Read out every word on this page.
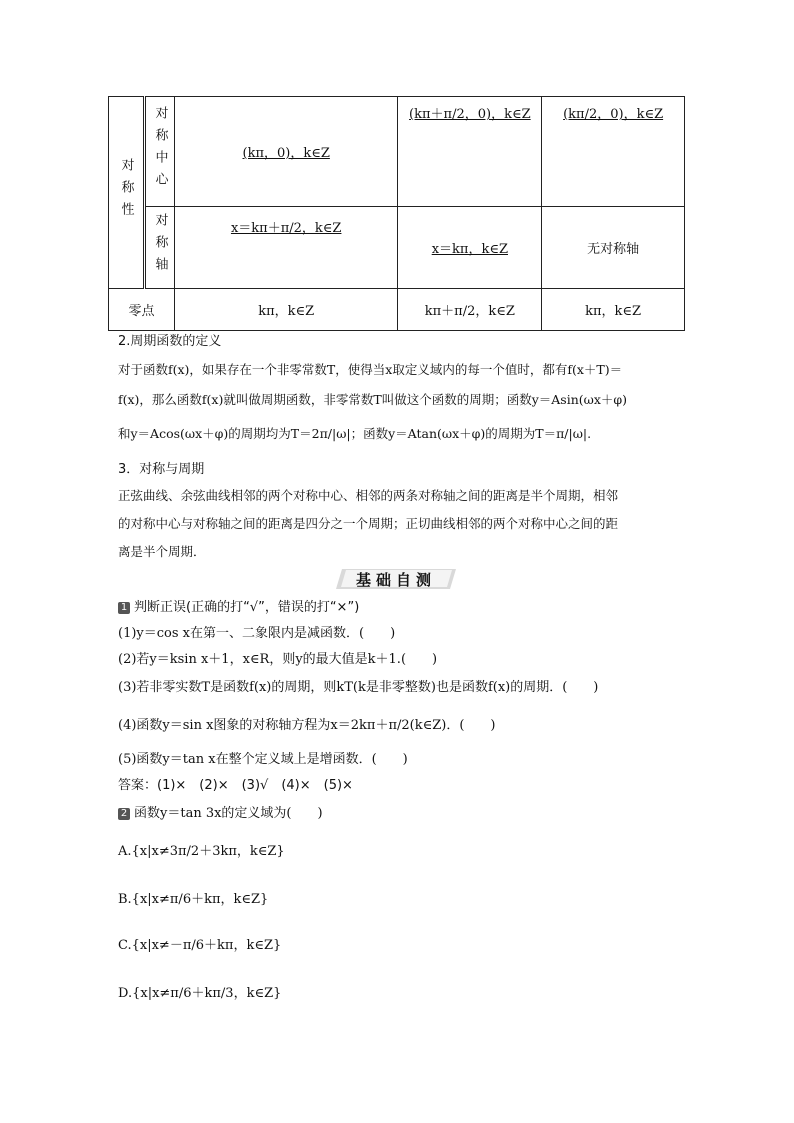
对称性	对称中心	(kπ，0)，k∈Z	(kπ＋π/2，0)，k∈Z	(kπ/2，0)，k∈Z
	对称轴	x＝kπ＋π/2，k∈Z	x＝kπ，k∈Z	无对称轴
零点		kπ，k∈Z	kπ＋π/2，k∈Z	kπ，k∈Z
2.周期函数的定义
对于函数f(x)，如果存在一个非零常数T，使得当x取定义域内的每一个值时，都有f(x＋T)＝
f(x)，那么函数f(x)就叫做周期函数，非零常数T叫做这个函数的周期；函数y＝Asin(ωx＋φ)
和y＝Acos(ωx＋φ)的周期均为T＝2π/|ω|；函数y＝Atan(ωx＋φ)的周期为T＝π/|ω|.
3．对称与周期
正弦曲线、余弦曲线相邻的两个对称中心、相邻的两条对称轴之间的距离是半个周期，相邻
的对称中心与对称轴之间的距离是四分之一个周期；正切曲线相邻的两个对称中心之间的距
离是半个周期．
基础自测
1 判断正误(正确的打“√”，错误的打“×”)
(1)y＝cos x在第一、二象限内是减函数．(　　)
(2)若y＝ksin x＋1，x∈R，则y的最大值是k＋1.(　　)
(3)若非零实数T是函数f(x)的周期，则kT(k是非零整数)也是函数f(x)的周期．(　　)
(4)函数y＝sin x图象的对称轴方程为x＝2kπ＋π/2(k∈Z)．(　　)
(5)函数y＝tan x在整个定义域上是增函数．(　　)
答案：(1)×　(2)×　(3)√　(4)×　(5)×
2 函数y＝tan 3x的定义域为(　　)
A.{x|x≠3π/2＋3kπ，k∈Z}
B.{x|x≠π/6＋kπ，k∈Z}
C.{x|x≠－π/6＋kπ，k∈Z}
D.{x|x≠π/6＋kπ/3，k∈Z}
